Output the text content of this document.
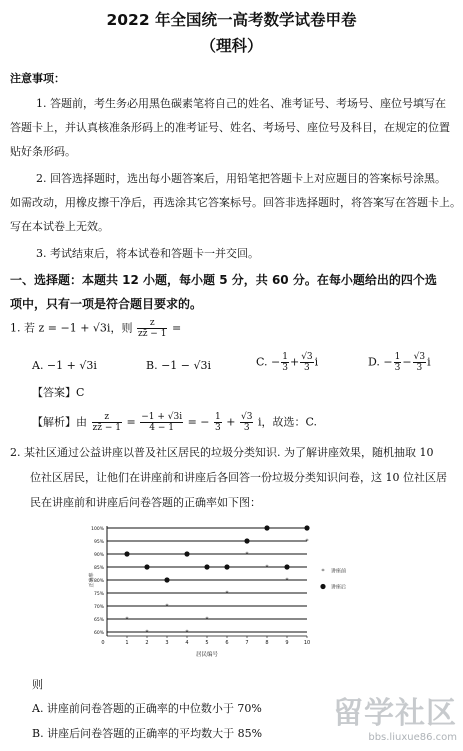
2022 年全国统一高考数学试卷甲卷
（理科）
注意事项：
1. 答题前，考生务必用黑色碳素笔将自己的姓名、准考证号、考场号、座位号填写在
答题卡上，并认真核准条形码上的准考证号、姓名、考场号、座位号及科目，在规定的位置
贴好条形码。
2. 回答选择题时，选出每小题答案后，用铅笔把答题卡上对应题目的答案标号涂黑。
如需改动，用橡皮擦干净后，再选涂其它答案标号。回答非选择题时，将答案写在答题卡上。
写在本试卷上无效。
3. 考试结束后，将本试卷和答题卡一并交回。
一、选择题：本题共 12 小题，每小题 5 分，共 60 分。在每小题给出的四个选
项中，只有一项是符合题目要求的。
1. 若 z = −1 + √3i，则 $\frac{z}{zz̄ - 1}$ =
A. −1 + √3i	B. −1 − √3i	C. − $\frac{1}{3} + \frac{√3}{3}$ i	D. − $\frac{1}{3} - \frac{√3}{3}$ i
【答案】C
【解析】由 $\frac{z}{zz̄ - 1} = \frac{-1 + √3i}{4 - 1}$ = − $\frac{1}{3} + \frac{√3}{3}$ i，故选：C.
2. 某社区通过公益讲座以普及社区居民的垃圾分类知识. 为了解讲座效果，随机抽取 10
位社区居民，让他们在讲座前和讲座后各回答一份垃圾分类知识问卷，这 10 位社区居
民在讲座前和讲座后问卷答题的正确率如下图：
60%
65%
70%
75%
80%
85%
90%
95%
100%
1	2	3	4	5	6	7	8	9	10
0
居民编号
正确率
*
*
*
*
*
*
*
*
*
*
* 讲座前
讲座后
则
A. 讲座前问卷答题的正确率的中位数小于 70%
B. 讲座后问卷答题的正确率的平均数大于 85%
留学社区
bbs.liuxue86.com
